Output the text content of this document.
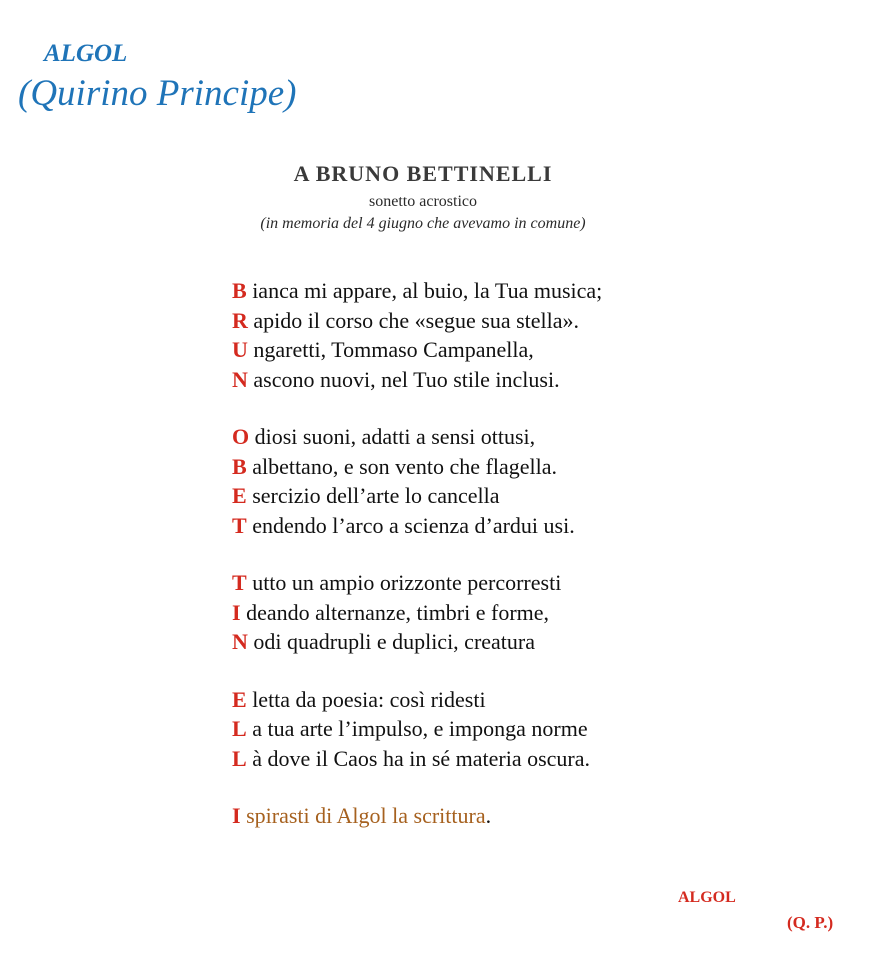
ALGOL
(Quirino Principe)
A BRUNO BETTINELLI
sonetto acrostico
(in memoria del 4 giugno che avevamo in comune)
B ianca mi appare, al buio, la Tua musica;
R apido il corso che «segue sua stella».
U ngaretti, Tommaso Campanella,
N ascono nuovi, nel Tuo stile inclusi.
O diosi suoni, adatti a sensi ottusi,
B albettano, e son vento che flagella.
E sercizio dell’arte lo cancella
T endendo l’arco a scienza d’ardui usi.
T utto un ampio orizzonte percorresti
I deando alternanze, timbri e forme,
N odi quadrupli e duplici, creatura
E letta da poesia: così ridesti
L a tua arte l’impulso, e imponga norme
L à dove il Caos ha in sé materia oscura.
I spirasti di Algol la scrittura.
ALGOL
(Q. P.)
